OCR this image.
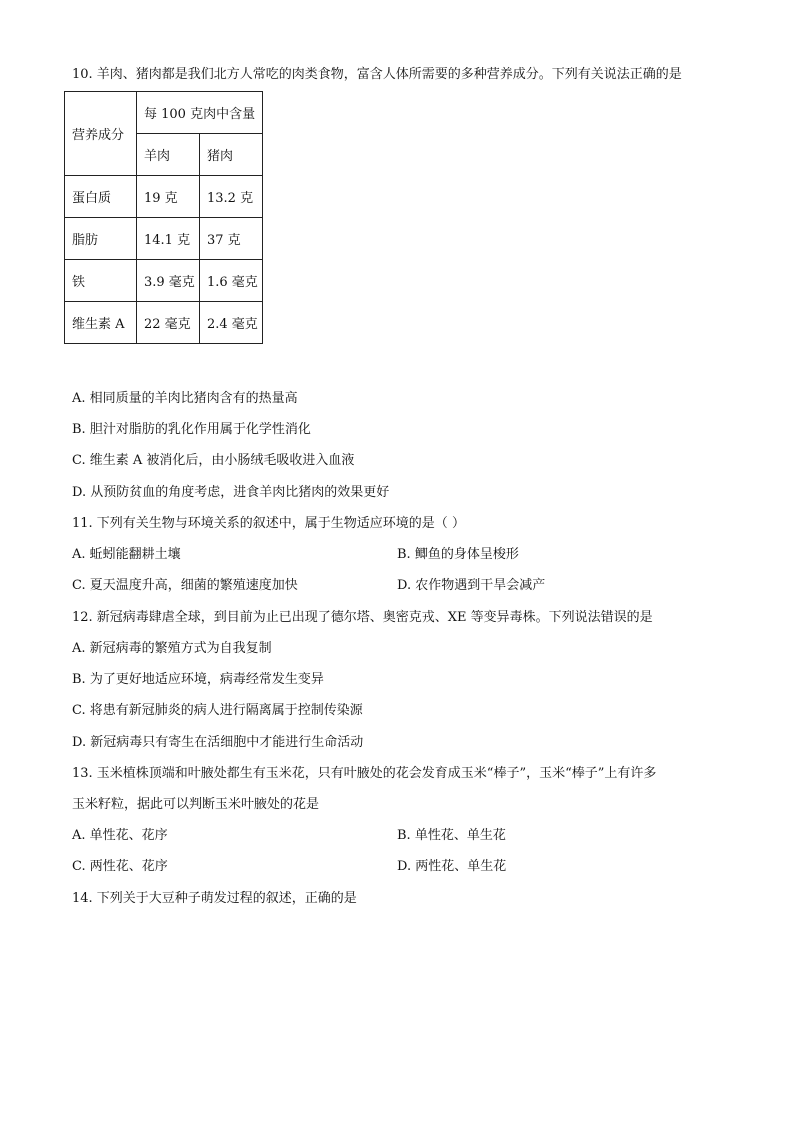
10. 羊肉、猪肉都是我们北方人常吃的肉类食物，富含人体所需要的多种营养成分。下列有关说法正确的是
营养成分	每 100 克肉中含量	
	羊肉	猪肉
蛋白质	19 克	13.2 克
脂肪	14.1 克	37 克
铁	3.9 毫克	1.6 毫克
维生素 A	22 毫克	2.4 毫克
A. 相同质量的羊肉比猪肉含有的热量高
B. 胆汁对脂肪的乳化作用属于化学性消化
C. 维生素 A 被消化后，由小肠绒毛吸收进入血液
D. 从预防贫血的角度考虑，进食羊肉比猪肉的效果更好
11. 下列有关生物与环境关系的叙述中，属于生物适应环境的是（ ）
A. 蚯蚓能翻耕土壤	B. 鲫鱼的身体呈梭形
C. 夏天温度升高，细菌的繁殖速度加快	D. 农作物遇到干旱会减产
12. 新冠病毒肆虐全球，到目前为止已出现了德尔塔、奥密克戎、XE 等变异毒株。下列说法错误的是
A. 新冠病毒的繁殖方式为自我复制
B. 为了更好地适应环境，病毒经常发生变异
C. 将患有新冠肺炎的病人进行隔离属于控制传染源
D. 新冠病毒只有寄生在活细胞中才能进行生命活动
13. 玉米植株顶端和叶腋处都生有玉米花，只有叶腋处的花会发育成玉米“棒子”，玉米“棒子”上有许多
玉米籽粒，据此可以判断玉米叶腋处的花是
A. 单性花、花序	B. 单性花、单生花
C. 两性花、花序	D. 两性花、单生花
14. 下列关于大豆种子萌发过程的叙述，正确的是
